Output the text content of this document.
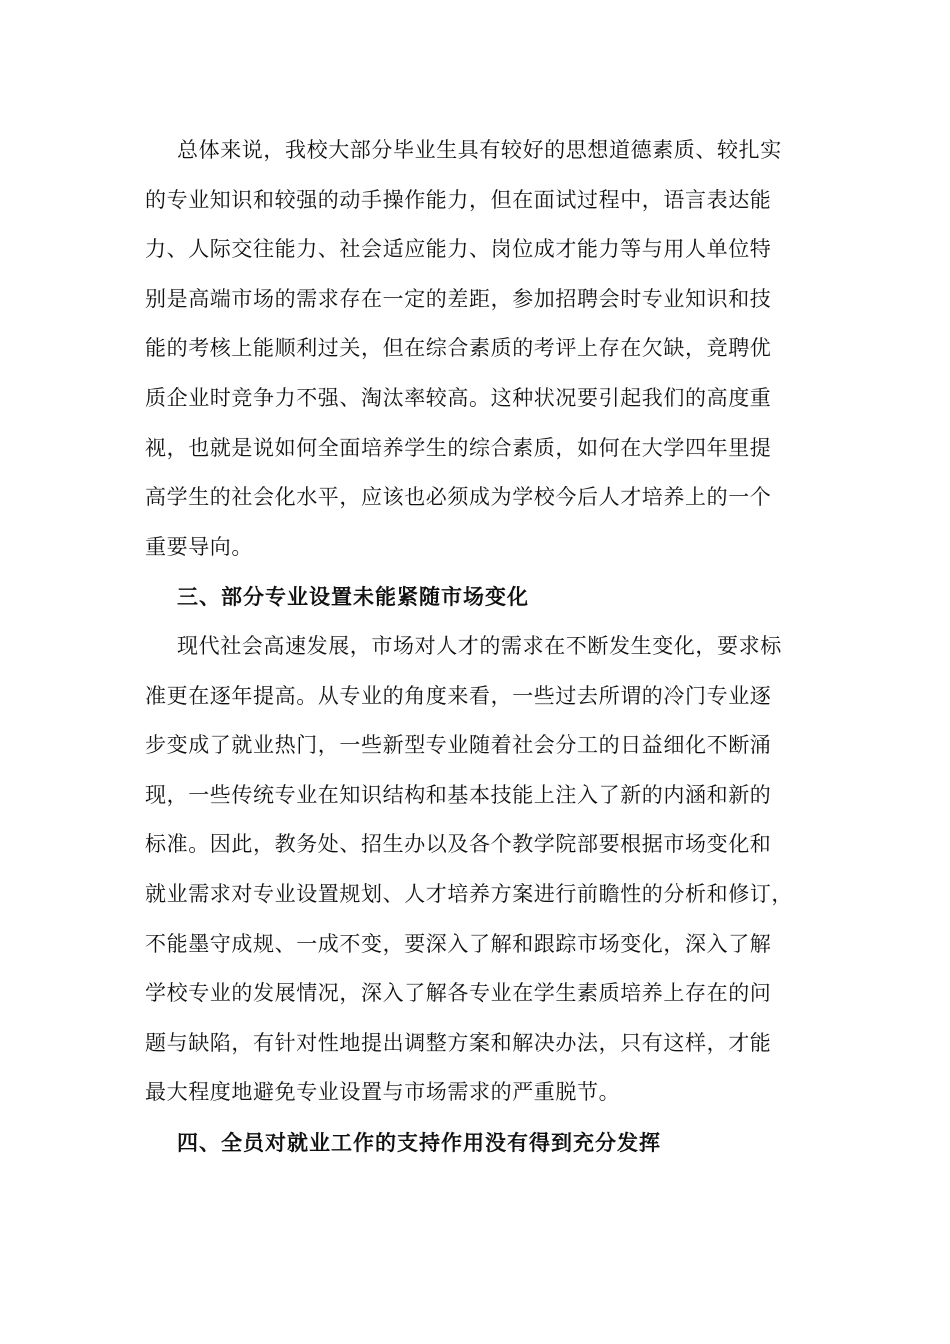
总体来说，我校大部分毕业生具有较好的思想道德素质、较扎实
的专业知识和较强的动手操作能力，但在面试过程中，语言表达能
力、人际交往能力、社会适应能力、岗位成才能力等与用人单位特
别是高端市场的需求存在一定的差距，参加招聘会时专业知识和技
能的考核上能顺利过关，但在综合素质的考评上存在欠缺，竞聘优
质企业时竞争力不强、淘汰率较高。这种状况要引起我们的高度重
视，也就是说如何全面培养学生的综合素质，如何在大学四年里提
高学生的社会化水平，应该也必须成为学校今后人才培养上的一个
重要导向。
三、部分专业设置未能紧随市场变化
现代社会高速发展，市场对人才的需求在不断发生变化，要求标
准更在逐年提高。从专业的角度来看，一些过去所谓的冷门专业逐
步变成了就业热门，一些新型专业随着社会分工的日益细化不断涌
现，一些传统专业在知识结构和基本技能上注入了新的内涵和新的
标准。因此，教务处、招生办以及各个教学院部要根据市场变化和
就业需求对专业设置规划、人才培养方案进行前瞻性的分析和修订，
不能墨守成规、一成不变，要深入了解和跟踪市场变化，深入了解
学校专业的发展情况，深入了解各专业在学生素质培养上存在的问
题与缺陷，有针对性地提出调整方案和解决办法，只有这样，才能
最大程度地避免专业设置与市场需求的严重脱节。
四、全员对就业工作的支持作用没有得到充分发挥
